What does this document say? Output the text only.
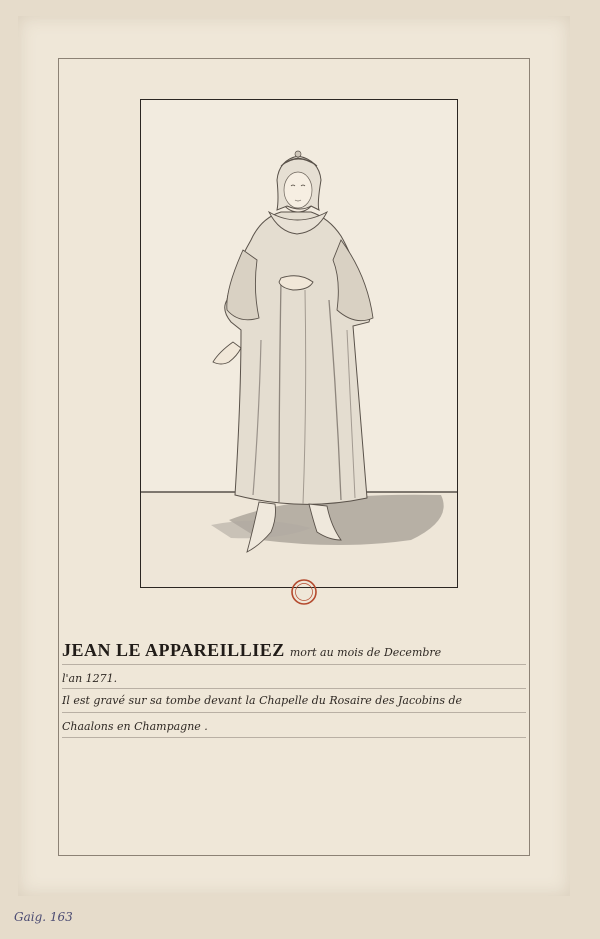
JEAN LE APPAREILLIEZ mort au mois de Decembre
l'an 1271.
Il est gravé sur sa tombe devant la Chapelle du Rosaire des Jacobins de
Chaalons en Champagne .
Gaig. 163
